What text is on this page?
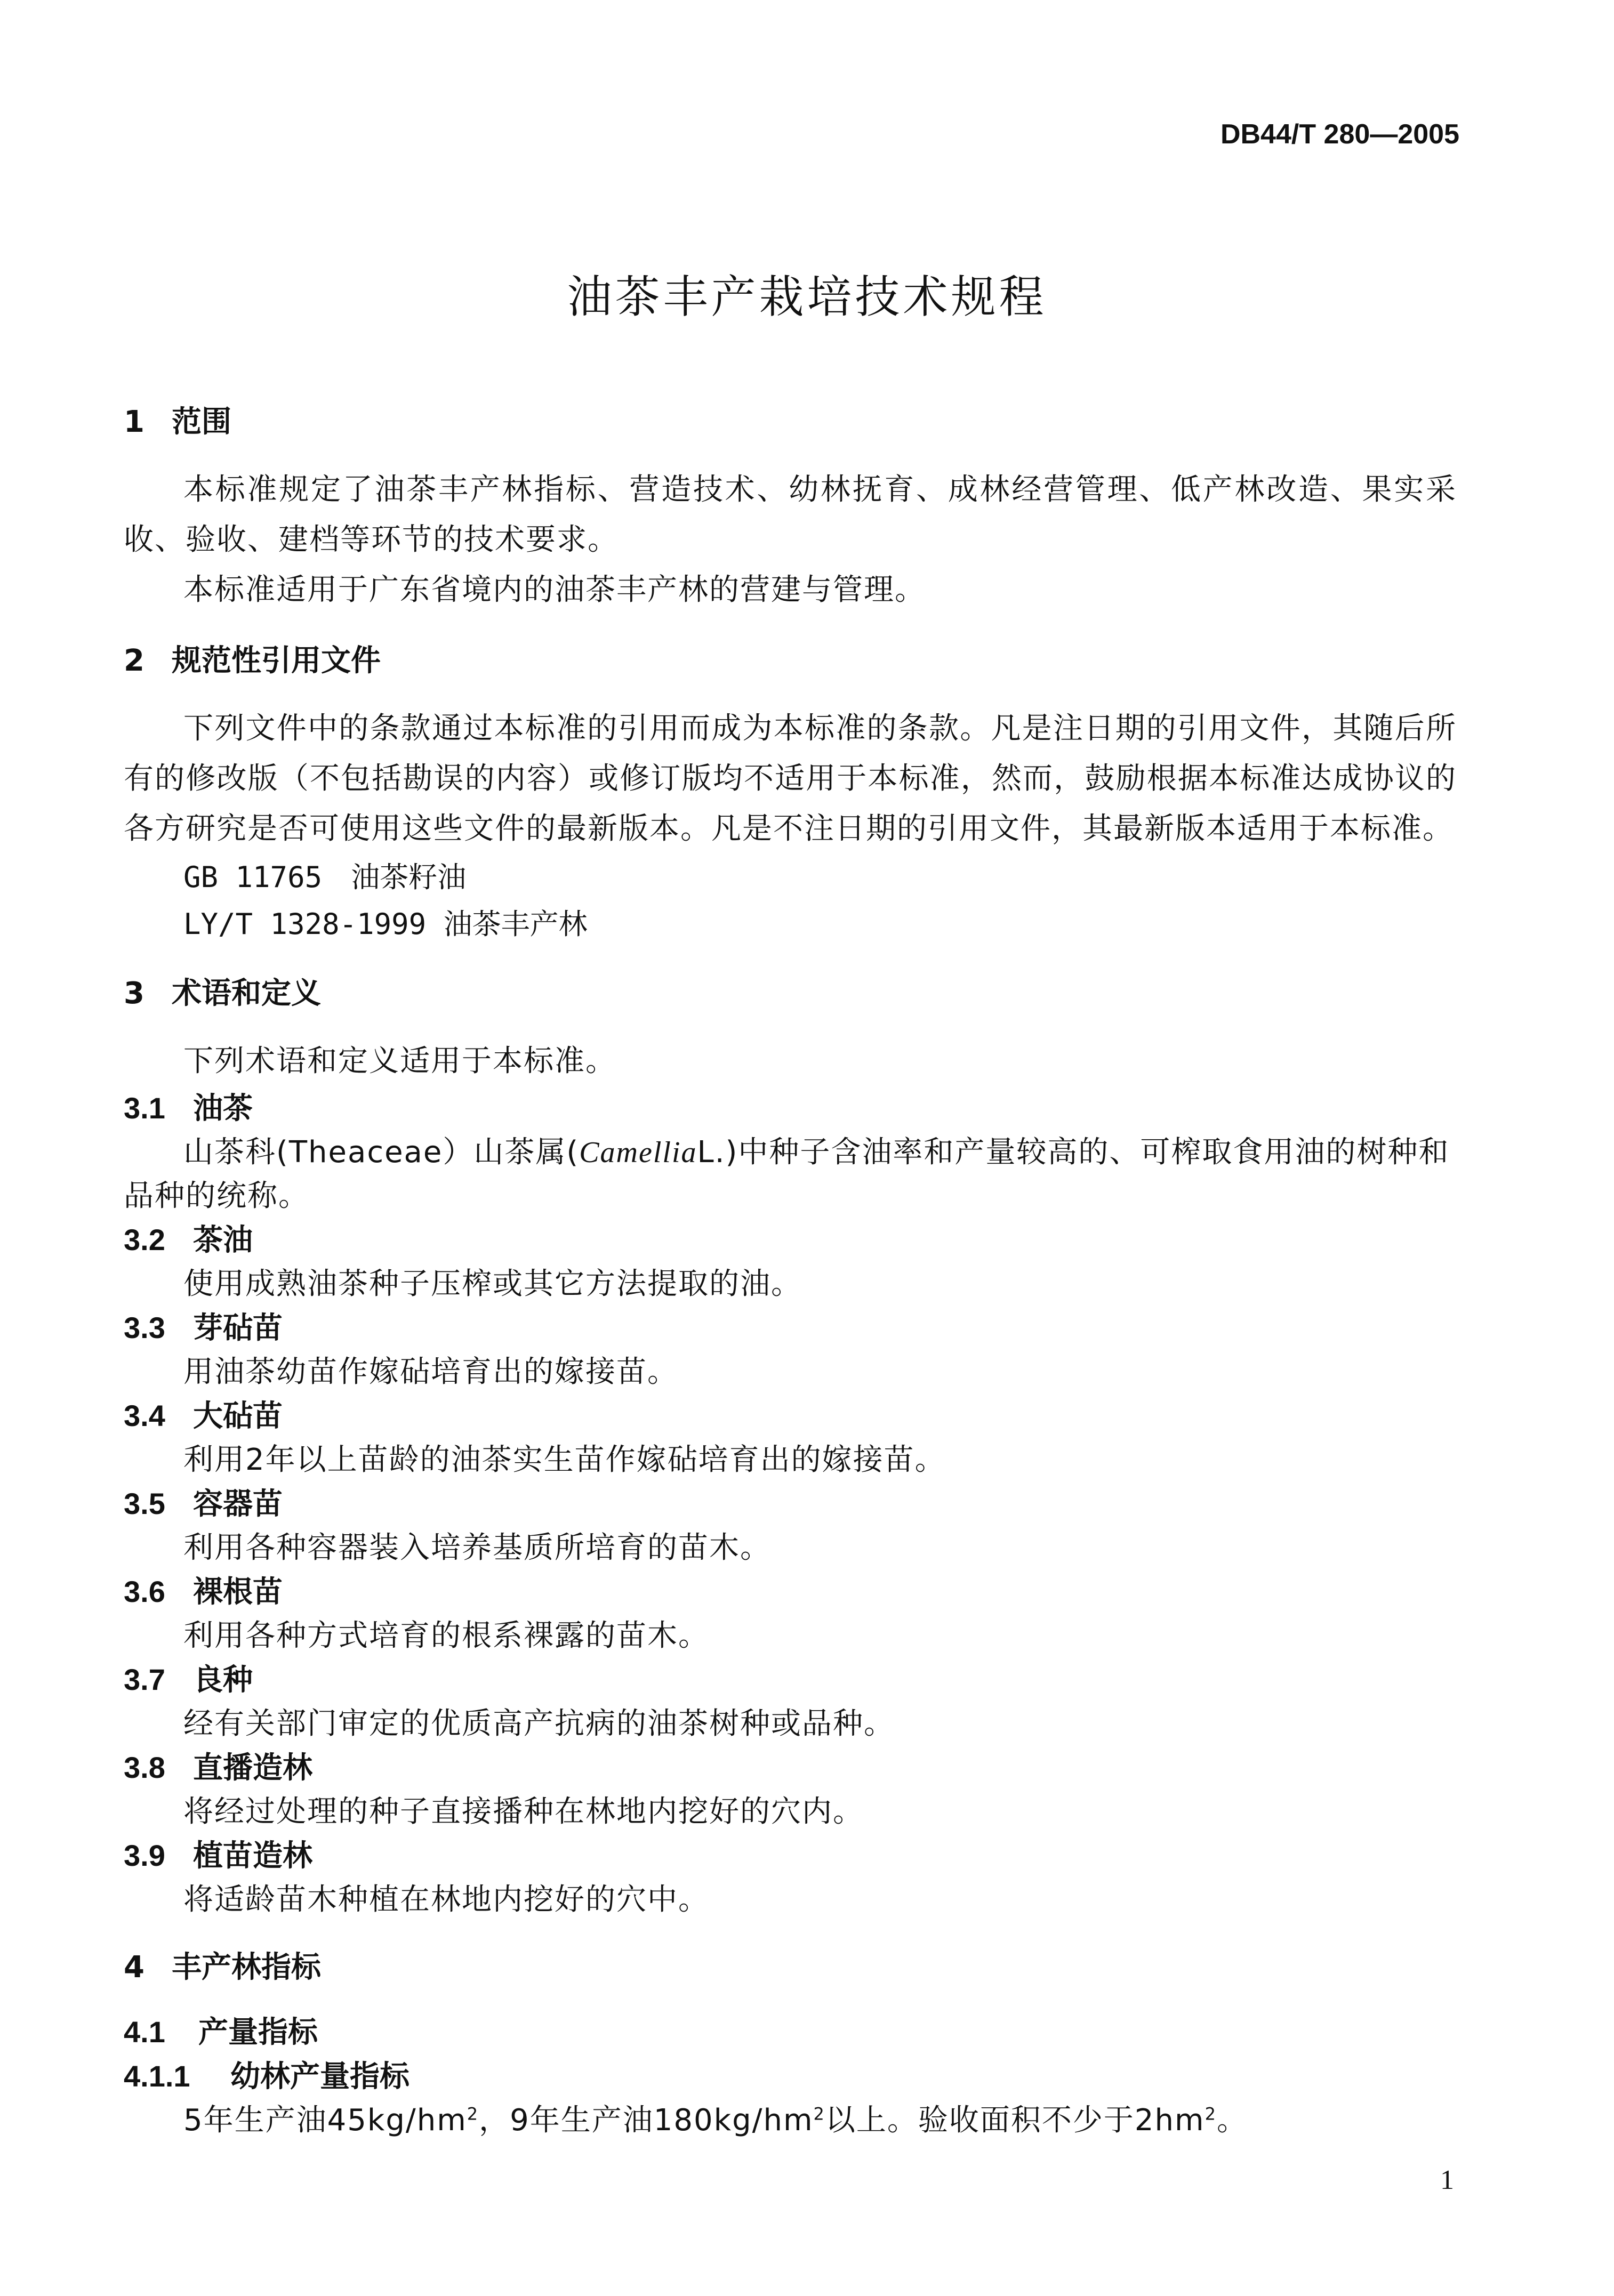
DB44/T 280—2005
油茶丰产栽培技术规程
1 范围

本标准规定了油茶丰产林指标、营造技术、幼林抚育、成林经营管理、低产林改造、果实采收、验收、建档等环节的技术要求。

本标准适用于广东省境内的油茶丰产林的营建与管理。

2 规范性引用文件

下列文件中的条款通过本标准的引用而成为本标准的条款。凡是注日期的引用文件，其随后所有的修改版（不包括勘误的内容）或修订版均不适用于本标准，然而，鼓励根据本标准达成协议的各方研究是否可使用这些文件的最新版本。凡是不注日期的引用文件，其最新版本适用于本标准。

GB 11765　油茶籽油

LY/T 1328-1999 油茶丰产林

3 术语和定义

下列术语和定义适用于本标准。

3.1 油茶

山茶科(Theaceae）山茶属(CamelliaL.)中种子含油率和产量较高的、可榨取食用油的树种和品种的统称。

3.2 茶油

使用成熟油茶种子压榨或其它方法提取的油。

3.3 芽砧苗

用油茶幼苗作嫁砧培育出的嫁接苗。

3.4 大砧苗

利用2年以上苗龄的油茶实生苗作嫁砧培育出的嫁接苗。

3.5 容器苗

利用各种容器装入培养基质所培育的苗木。

3.6 裸根苗

利用各种方式培育的根系裸露的苗木。

3.7 良种

经有关部门审定的优质高产抗病的油茶树种或品种。

3.8 直播造林

将经过处理的种子直接播种在林地内挖好的穴内。

3.9 植苗造林

将适龄苗木种植在林地内挖好的穴中。

4 丰产林指标
4.1 产量指标
4.1.1 幼林产量指标

5年生产油$45kg/hm^2$，9年生产油$180kg/hm^2$以上。验收面积不少于$2hm^2$。

1
